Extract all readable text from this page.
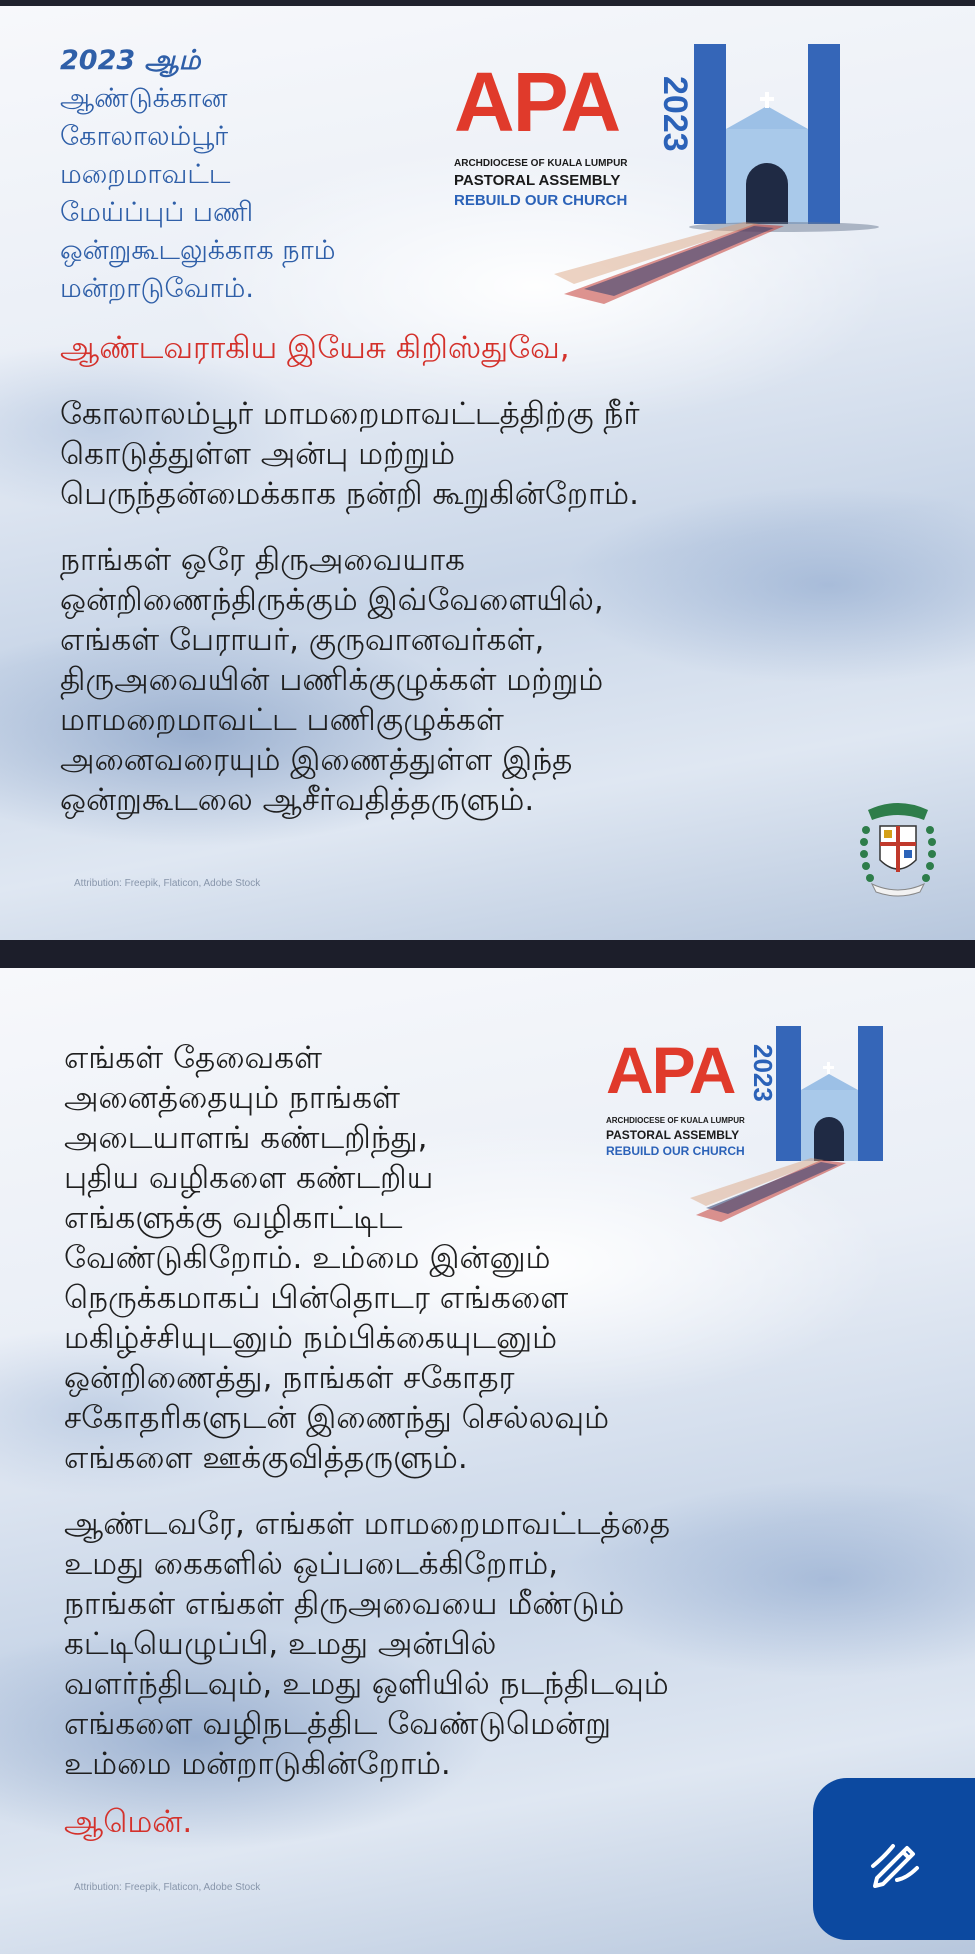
2023 ஆம்
ஆண்டுக்கான
கோலாலம்பூர்
மறைமாவட்ட
மேய்ப்புப் பணி
ஒன்றுகூடலுக்காக நாம்
மன்றாடுவோம்.
APA 2023
ARCHDIOCESE OF KUALA LUMPUR
PASTORAL ASSEMBLY
REBUILD OUR CHURCH
ஆண்டவராகிய இயேசு கிறிஸ்துவே,

கோலாலம்பூர் மாமறைமாவட்டத்திற்கு நீர்

கொடுத்துள்ள அன்பு மற்றும்

பெருந்தன்மைக்காக நன்றி கூறுகின்றோம்.

நாங்கள் ஒரே திருஅவையாக

ஒன்றிணைந்திருக்கும் இவ்வேளையில்,

எங்கள் பேராயர், குருவானவர்கள்,

திருஅவையின் பணிக்குழுக்கள் மற்றும்

மாமறைமாவட்ட பணிகுழுக்கள்

அனைவரையும் இணைத்துள்ள இந்த

ஒன்றுகூடலை ஆசீர்வதித்தருளும்.

Attribution: Freepik, Flaticon, Adobe Stock
APA 2023
ARCHDIOCESE OF KUALA LUMPUR
PASTORAL ASSEMBLY
REBUILD OUR CHURCH

எங்கள் தேவைகள்

அனைத்தையும் நாங்கள்

அடையாளங் கண்டறிந்து,

புதிய வழிகளை கண்டறிய

எங்களுக்கு வழிகாட்டிட

வேண்டுகிறோம். உம்மை இன்னும்

நெருக்கமாகப் பின்தொடர எங்களை

மகிழ்ச்சியுடனும் நம்பிக்கையுடனும்

ஒன்றிணைத்து, நாங்கள் சகோதர

சகோதரிகளுடன் இணைந்து செல்லவும்

எங்களை ஊக்குவித்தருளும்.

ஆண்டவரே, எங்கள் மாமறைமாவட்டத்தை

உமது கைகளில் ஒப்படைக்கிறோம்,

நாங்கள் எங்கள் திருஅவையை மீண்டும்

கட்டியெழுப்பி, உமது அன்பில்

வளர்ந்திடவும், உமது ஒளியில் நடந்திடவும்

எங்களை வழிநடத்திட வேண்டுமென்று

உம்மை மன்றாடுகின்றோம்.

ஆமென்.
Attribution: Freepik, Flaticon, Adobe Stock
